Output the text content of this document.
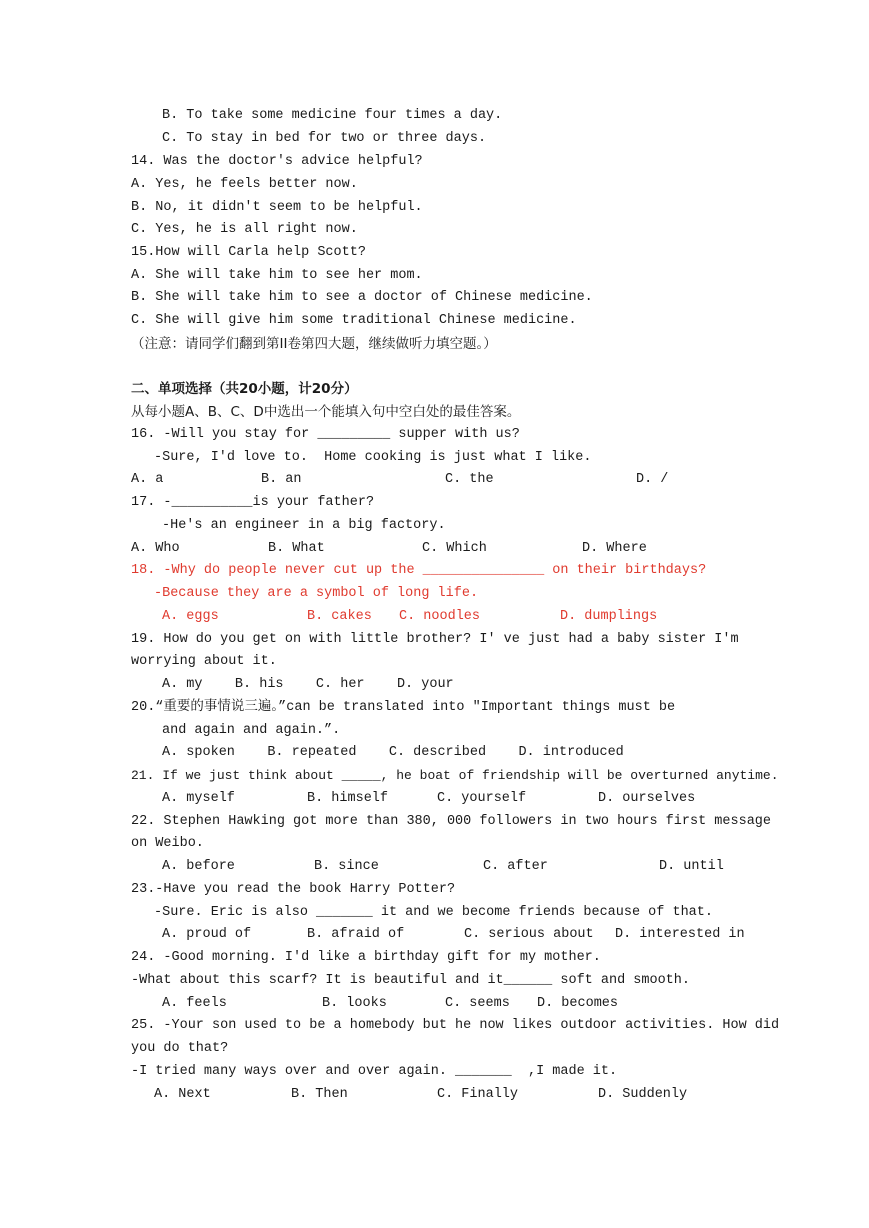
B. To take some medicine four times a day.
C. To stay in bed for two or three days.
14. Was the doctor's advice helpful?
A. Yes, he feels better now.
B. No, it didn't seem to be helpful.
C. Yes, he is all right now.
15.How will Carla help Scott?
A. She will take him to see her mom.
B. She will take him to see a doctor of Chinese medicine.
C. She will give him some traditional Chinese medicine.
（注意：请同学们翻到第II卷第四大题，继续做听力填空题。）
二、单项选择（共20小题，计20分）
从每小题A、B、C、D中选出一个能填入句中空白处的最佳答案。
16. -Will you stay for _________ supper with us?
-Sure, I'd love to.  Home cooking is just what I like.
A. a	B. an	C. the	D. /
17. -__________is your father?
-He's an engineer in a big factory.
A. Who	B. What	C. Which	D. Where
18. -Why do people never cut up the _______________ on their birthdays?
-Because they are a symbol of long life.
A. eggs	B. cakes C. noodles	D. dumplings
19. How do you get on with little brother? I' ve just had a baby sister I'm
worrying about it.
A. my    B. his    C. her    D. your
20.“重要的事情说三遍。”can be translated into "Important things must be
and again and again.”.
A. spoken    B. repeated    C. described    D. introduced
21. If we just think about _____, he boat of friendship will be overturned anytime.
A. myself	B. himself	C. yourself	D. ourselves
22. Stephen Hawking got more than 380, 000 followers in two hours first message
on Weibo.
A. before	B. since	C. after	D. until
23.-Have you read the book Harry Potter?
-Sure. Eric is also _______ it and we become friends because of that.
A. proud of	B. afraid of	C. serious about D. interested in
24. -Good morning. I'd like a birthday gift for my mother.
-What about this scarf? It is beautiful and it______ soft and smooth.
A. feels	B. looks	C. seems D. becomes
25. -Your son used to be a homebody but he now likes outdoor activities. How did
you do that?
-I tried many ways over and over again. _______  ,I made it.
A. Next	B. Then	C. Finally	D. Suddenly
